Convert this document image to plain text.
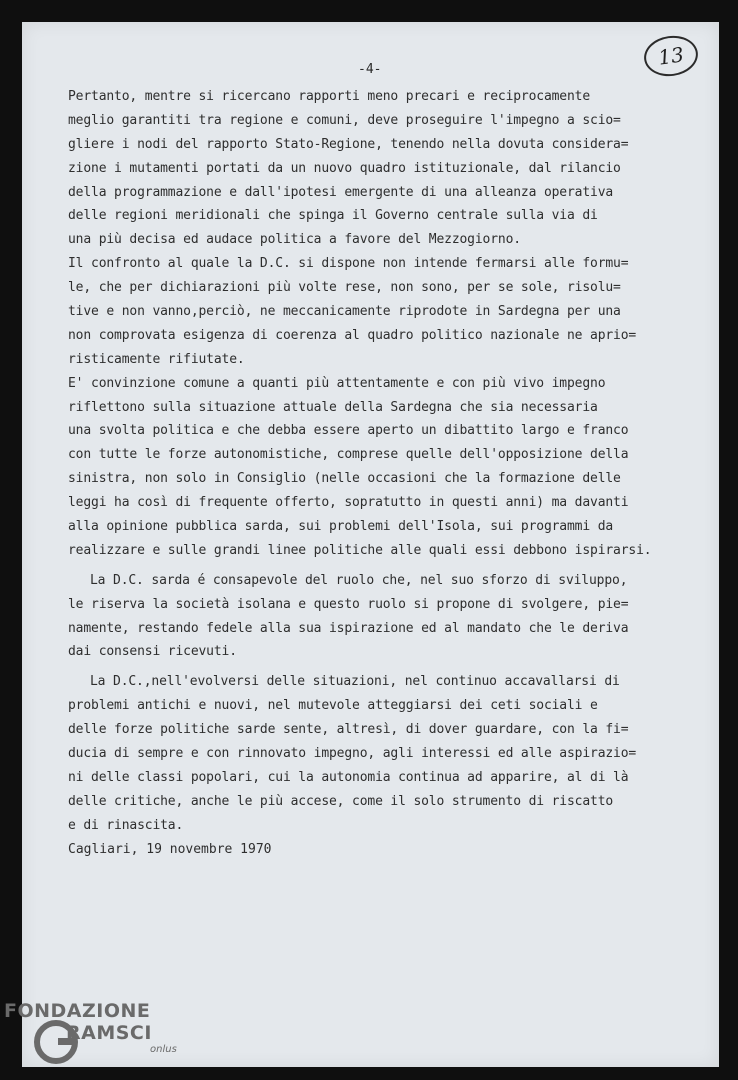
-4-	13
Pertanto, mentre si ricercano rapporti meno precari e reciprocamente
meglio garantiti tra regione e comuni, deve proseguire l'impegno a scio=
gliere i nodi del rapporto Stato-Regione, tenendo nella dovuta considera=
zione i mutamenti portati da un nuovo quadro istituzionale, dal rilancio
della programmazione e dall'ipotesi emergente di una alleanza operativa
delle regioni meridionali che spinga il Governo centrale sulla via di
una più decisa ed audace politica a favore del Mezzogiorno.
Il confronto al quale la D.C. si dispone non intende fermarsi alle formu=
le, che per dichiarazioni più volte rese, non sono, per se sole, risolu=
tive e non vanno,perciò, ne meccanicamente riprodote in Sardegna per una
non comprovata esigenza di coerenza al quadro politico nazionale ne aprio=
risticamente rifiutate.
E' convinzione comune a quanti più attentamente e con più vivo impegno
riflettono sulla situazione attuale della Sardegna che sia necessaria
una svolta politica e che debba essere aperto un dibattito largo e franco
con tutte le forze autonomistiche, comprese quelle dell'opposizione della
sinistra, non solo in Consiglio (nelle occasioni che la formazione delle
leggi ha così di frequente offerto, sopratutto in questi anni) ma davanti
alla opinione pubblica sarda, sui problemi dell'Isola, sui programmi da
realizzare e sulle grandi linee politiche alle quali essi debbono ispirarsi.
La D.C. sarda é consapevole del ruolo che, nel suo sforzo di sviluppo,
le riserva la società isolana e questo ruolo si propone di svolgere, pie=
namente, restando fedele alla sua ispirazione ed al mandato che le deriva
dai consensi ricevuti.
La D.C.,nell'evolversi delle situazioni, nel continuo accavallarsi di
problemi antichi e nuovi, nel mutevole atteggiarsi dei ceti sociali e
delle forze politiche sarde sente, altresì, di dover guardare, con la fi=
ducia di sempre e con rinnovato impegno, agli interessi ed alle aspirazio=
ni delle classi popolari, cui la autonomia continua ad apparire, al di là
delle critiche, anche le più accese, come il solo strumento di riscatto
e di rinascita.
Cagliari, 19 novembre 1970
FONDAZIONE
RAMSCI
onlus
